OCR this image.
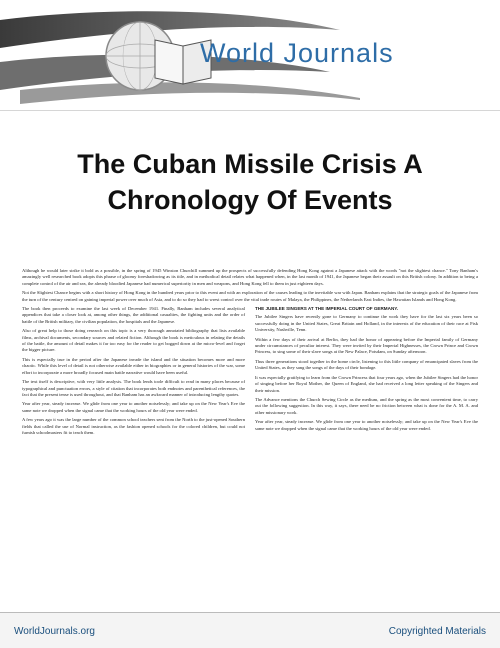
World Journals
The Cuban Missile Crisis A
Chronology Of Events

Although he would later strike it bold as a possible, in the spring of 1945 Winston Churchill summed up the prospects of successfully defending Hong Kong against a Japanese attack with the words "not the slightest chance." Tony Banham's amazingly well researched book adopts this phrase of gloomy foreshadowing as its title, and in methodical detail relates what happened when, in the last month of 1941, the Japanese began their assault on this British colony. In addition to being a complete control of the air and sea, the already bloodied Japanese had numerical superiority in men and weapons, and Hong Kong fell to them in just eighteen days.

Not the Slightest Chance begins with a short history of Hong Kong in the hundred years prior to this event and with an exploration of the causes leading to the inevitable war with Japan. Banham explains that the strategic goals of the Japanese from the turn of the century centred on gaining imperial power over much of Asia, and to do so they had to wrest control over the vital trade routes of Malaya, the Philippines, the Netherlands East Indies, the Hawaiian Islands and Hong Kong.

The book then proceeds to examine the last week of December 1941. Finally, Banham includes several analytical appendices that take a closer look at, among other things, the additional casualties, the fighting units and the order of battle of the British military, the civilian population, the hospitals and the Japanese.

Also of great help to those doing research on this topic is a very thorough annotated bibliography that lists available films, archival documents, secondary sources and related fiction. Although the book is meticulous in relating the details of the battle, the amount of detail makes it far too easy for the reader to get bogged down at the micro-level and forget the bigger picture.

This is especially true in the period after the Japanese invade the island and the situation becomes more and more chaotic. While this level of detail is not otherwise available either in biographies or in general histories of the war, some effort to incorporate a more broadly focused main battle narrative would have been useful.

The text itself is descriptive, with very little analysis. The book lends toole difficult to read in many places because of typographical and punctuation errors, a style of citation that incorporates both endnotes and parenthetical references, the fact that the present tense is used throughout, and that Banham has an awkward manner of introducing lengthy quotes.

Year after year, steady increase. We glide from one year to another noiselessly; and take up on the New Year's Eve the same note we dropped when the signal came that the working hours of the old year were ended.

A few years ago it was the large number of the common school teachers sent from the North to the just-opened Southern fields that called the use of Normal instruction, as the fashion opened schools for the colored children, but could not furnish schoolmasters fit to teach them.

THE JUBILEE SINGERS AT THE IMPERIAL COURT OF GERMANY.

The Jubilee Singers have recently gone to Germany to continue the work they have for the last six years been so successfully doing in the United States, Great Britain and Holland, in the interests of the education of their race at Fisk University, Nashville, Tenn.

Within a few days of their arrival at Berlin, they had the honor of appearing before the Imperial family of Germany under circumstances of peculiar interest. They were invited by their Imperial Highnesses, the Crown Prince and Crown Princess, to sing some of their slave songs at the New Palace, Potsdam, on Sunday afternoon.

Thus three generations stood together in the home circle, listening to this little company of emancipated slaves from the United States, as they sang the songs of the days of their bondage.

It was especially gratifying to learn from the Crown Princess that four years ago, when the Jubilee Singers had the honor of singing before her Royal Mother, the Queen of England, she had received a long letter speaking of the Singers and their mission.

The Advance mentions the Church Sewing Circle as the medium, and the spring as the most convenient time, to carry out the following suggestion. In this way, it says, there need be no friction between what is done for the A. M. A. and other missionary work.

Year after year, steady increase. We glide from one year to another noiselessly; and take up on the New Year's Eve the same note we dropped when the signal came that the working hours of the old year were ended.

WorldJournals.org	Copyrighted Materials
